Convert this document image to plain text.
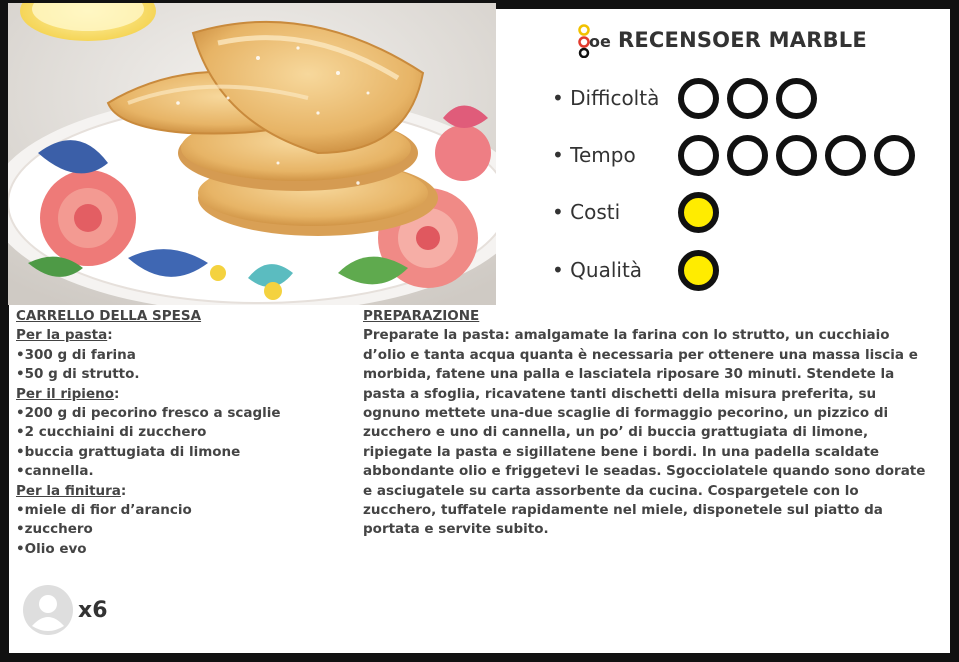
oe RECENSOER MARBLE
• Difficoltà
• Tempo
• Costi
• Qualità
CARRELLO DELLA SPESA
Per la pasta:
•300 g di farina
•50 g di strutto.
Per il ripieno:
•200 g di pecorino fresco a scaglie
•2 cucchiaini di zucchero
•buccia grattugiata di limone
•cannella.
Per la finitura:
•miele di fior d’arancio
•zucchero
•Olio evo
PREPARAZIONE
Preparate la pasta: amalgamate la farina con lo strutto, un cucchiaio d’olio e tanta acqua quanta è necessaria per ottenere una massa liscia e morbida, fatene una palla e lasciatela riposare 30 minuti. Stendete la pasta a sfoglia, ricavatene tanti dischetti della misura preferita, su ognuno mettete una-due scaglie di formaggio pecorino, un pizzico di zucchero e uno di cannella, un po’ di buccia grattugiata di limone, ripiegate la pasta e sigillatene bene i bordi. In una padella scaldate abbondante olio e friggetevi le seadas. Sgocciolatele quando sono dorate e asciugatele su carta assorbente da cucina. Cospargetele con lo zucchero, tuffatele rapidamente nel miele, disponetele sul piatto da portata e servite subito.
x6
